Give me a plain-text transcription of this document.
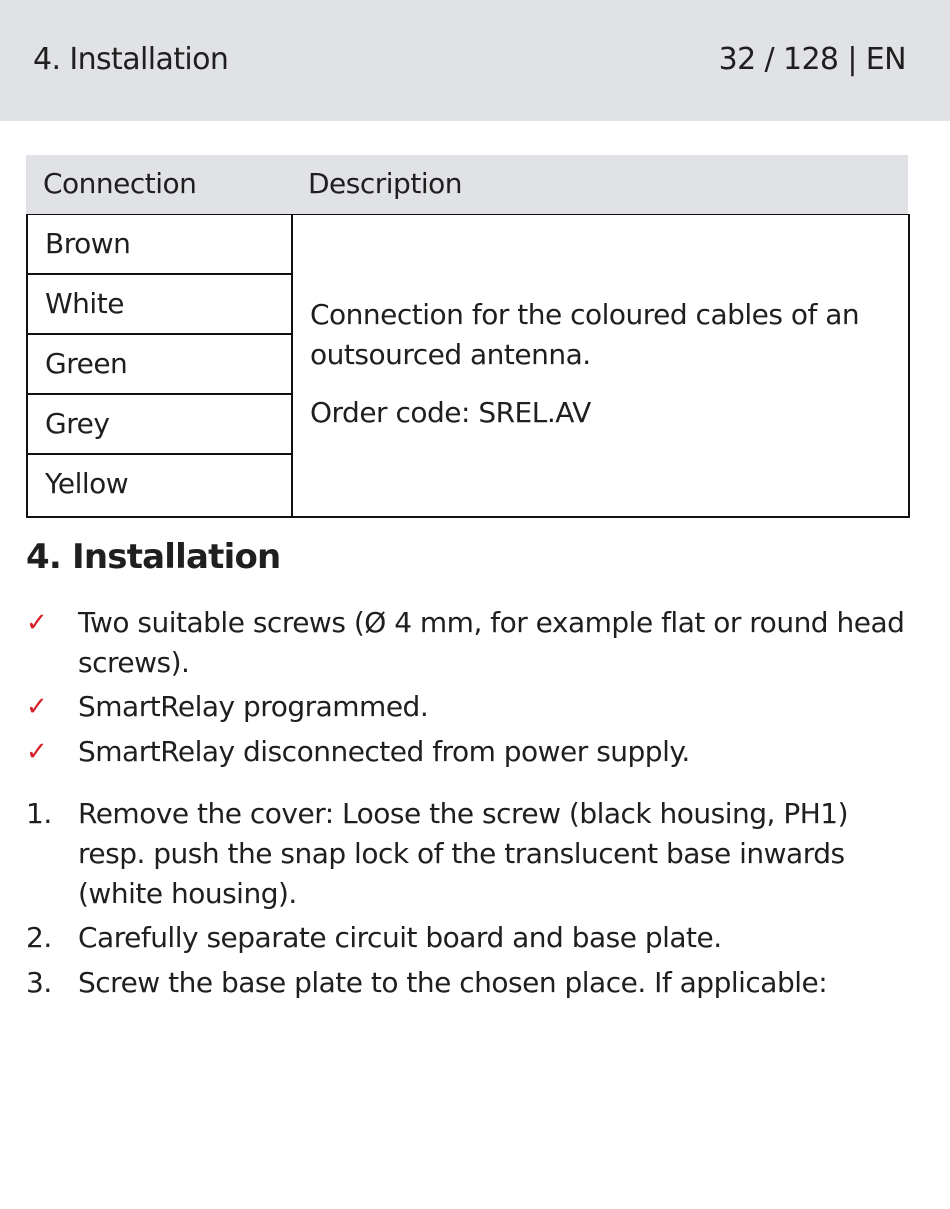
4. Installation	32 / 128 | EN
Connection	Description
Brown
White
Green
Grey
Yellow

Connection for the coloured cables of an outsourced antenna.

Order code: SREL.AV

4. Installation
✓ Two suitable screws (Ø 4 mm, for example flat or round head screws).
✓ SmartRelay programmed.
✓ SmartRelay disconnected from power supply.
1. Remove the cover: Loose the screw (black housing, PH1) resp. push the snap lock of the translucent base inwards (white housing).
2. Carefully separate circuit board and base plate.
3. Screw the base plate to the chosen place. If applicable:
